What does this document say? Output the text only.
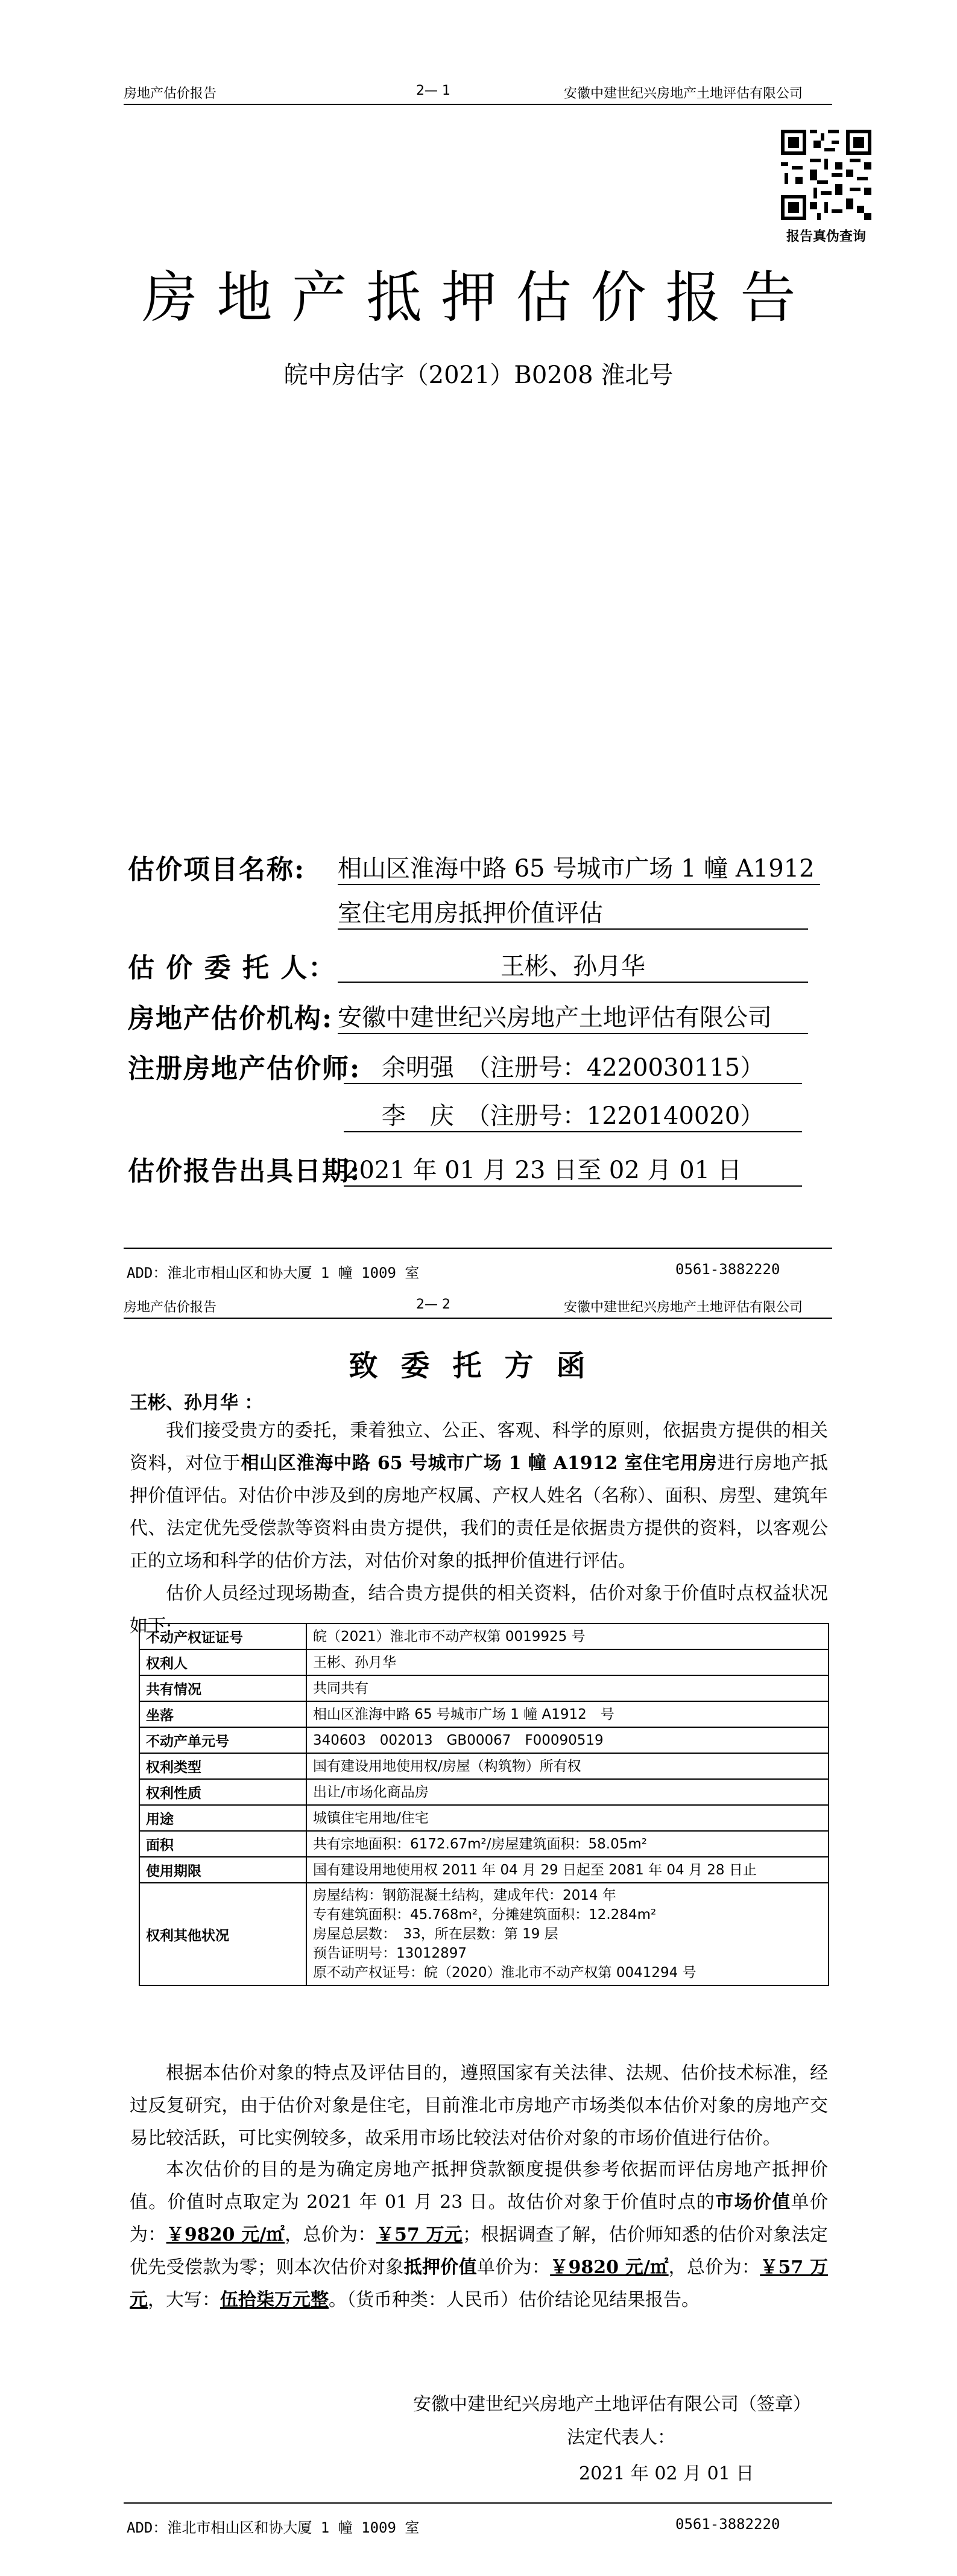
房地产估价报告	2— 1	安徽中建世纪兴房地产土地评估有限公司
报告真伪查询
房地产抵押估价报告
皖中房估字（2021）B0208 淮北号
估价项目名称: 相山区淮海中路 65 号城市广场 1 幢 A1912
室住宅用房抵押价值评估
估 价 委 托 人：	王彬、孙月华
房地产估价机构: 安徽中建世纪兴房地产土地评估有限公司
注册房地产估价师: 余明强　（注册号：4220030115）
李　庆　（注册号：1220140020）
估价报告出具日期:
2021 年 01 月 23 日至 02 月 01 日
ADD：淮北市相山区和协大厦 1 幢 1009 室	0561-3882220
房地产估价报告	2— 2	安徽中建世纪兴房地产土地评估有限公司
致委托方函
王彬、孙月华 ：

我们接受贵方的委托，秉着独立、公正、客观、科学的原则，依据贵方提供的相关资料，对位于相山区淮海中路 65 号城市广场 1 幢 A1912 室住宅用房进行房地产抵押价值评估。对估价中涉及到的房地产权属、产权人姓名（名称）、面积、房型、建筑年代、法定优先受偿款等资料由贵方提供，我们的责任是依据贵方提供的资料，以客观公正的立场和科学的估价方法，对估价对象的抵押价值进行评估。

估价人员经过现场勘查，结合贵方提供的相关资料，估价对象于价值时点权益状况如下:

不动产权证证号	皖（2021）淮北市不动产权第 0019925 号
权利人	王彬、孙月华
共有情况	共同共有
坐落	相山区淮海中路 65 号城市广场 1 幢 A1912　号
不动产单元号	340603　002013　GB00067　F00090519
权利类型	国有建设用地使用权/房屋（构筑物）所有权
权利性质	出让/市场化商品房
用途	城镇住宅用地/住宅
面积	共有宗地面积：6172.67m²/房屋建筑面积：58.05m²
使用期限	国有建设用地使用权 2011 年 04 月 29 日起至 2081 年 04 月 28 日止
权利其他状况	房屋结构：钢筋混凝土结构，建成年代：2014 年
专有建筑面积：45.768m²，分摊建筑面积：12.284m²
房屋总层数：　33，所在层数：第 19 层
预告证明号：13012897
原不动产权证号：皖（2020）淮北市不动产权第 0041294 号

根据本估价对象的特点及评估目的，遵照国家有关法律、法规、估价技术标准，经过反复研究，由于估价对象是住宅，目前淮北市房地产市场类似本估价对象的房地产交易比较活跃，可比实例较多，故采用市场比较法对估价对象的市场价值进行估价。

本次估价的目的是为确定房地产抵押贷款额度提供参考依据而评估房地产抵押价值。价值时点取定为 2021 年 01 月 23 日。故估价对象于价值时点的市场价值单价为：￥9820 元/㎡，总价为：￥57 万元；根据调查了解，估价师知悉的估价对象法定优先受偿款为零；则本次估价对象抵押价值单价为：￥9820 元/㎡，总价为：￥57 万元，大写：伍拾柒万元整。（货币种类：人民币）估价结论见结果报告。

安徽中建世纪兴房地产土地评估有限公司（签章）
法定代表人：
2021 年 02 月 01 日
ADD：淮北市相山区和协大厦 1 幢 1009 室	0561-3882220
